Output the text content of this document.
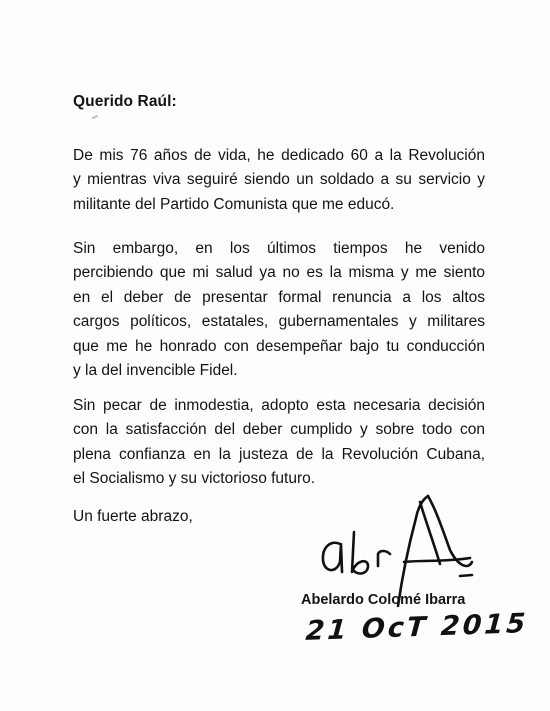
Querido Raúl:

De mis 76 años de vida, he dedicado 60 a la Revolución
y mientras viva seguiré siendo un soldado a su servicio y
militante del Partido Comunista que me educó.

Sin embargo, en los últimos tiempos he venido
percibiendo que mi salud ya no es la misma y me siento
en el deber de presentar formal renuncia a los altos
cargos políticos, estatales, gubernamentales y militares
que me he honrado con desempeñar bajo tu conducción
y la del invencible Fidel.

Sin pecar de inmodestia, adopto esta necesaria decisión
con la satisfacción del deber cumplido y sobre todo con
plena confianza en la justeza de la Revolución Cubana,
el Socialismo y su victorioso futuro.

Un fuerte abrazo,
Abelardo Colomé Ibarra
21 OcT 2015
